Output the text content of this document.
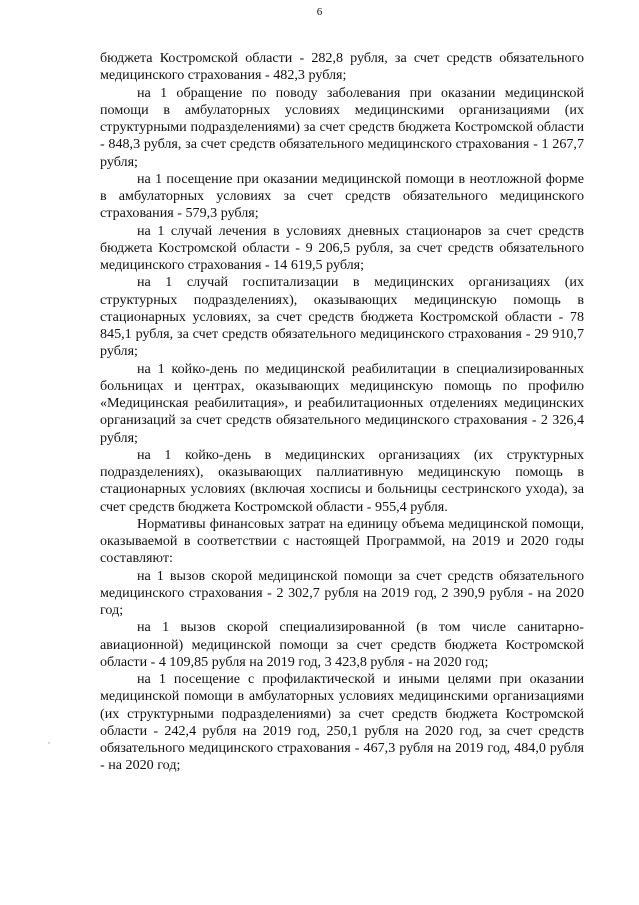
6

бюджета Костромской области - 282,8 рубля, за счет средств обязательного медицинского страхования - 482,3 рубля;

на 1 обращение по поводу заболевания при оказании медицинской помощи в амбулаторных условиях медицинскими организациями (их структурными подразделениями) за счет средств бюджета Костромской области - 848,3 рубля, за счет средств обязательного медицинского страхования - 1 267,7 рубля;

на 1 посещение при оказании медицинской помощи в неотложной форме в амбулаторных условиях за счет средств обязательного медицинского страхования - 579,3 рубля;

на 1 случай лечения в условиях дневных стационаров за счет средств бюджета Костромской области - 9 206,5 рубля, за счет средств обязательного медицинского страхования - 14 619,5 рубля;

на 1 случай госпитализации в медицинских организациях (их структурных подразделениях), оказывающих медицинскую помощь в стационарных условиях, за счет средств бюджета Костромской области - 78 845,1 рубля, за счет средств обязательного медицинского страхования - 29 910,7 рубля;

на 1 койко-день по медицинской реабилитации в специализированных больницах и центрах, оказывающих медицинскую помощь по профилю «Медицинская реабилитация», и реабилитационных отделениях медицинских организаций за счет средств обязательного медицинского страхования - 2 326,4 рубля;

на 1 койко-день в медицинских организациях (их структурных подразделениях), оказывающих паллиативную медицинскую помощь в стационарных условиях (включая хосписы и больницы сестринского ухода), за счет средств бюджета Костромской области - 955,4 рубля.

Нормативы финансовых затрат на единицу объема медицинской помощи, оказываемой в соответствии с настоящей Программой, на 2019 и 2020 годы составляют:

на 1 вызов скорой медицинской помощи за счет средств обязательного медицинского страхования - 2 302,7 рубля на 2019 год, 2 390,9 рубля - на 2020 год;

на 1 вызов скорой специализированной (в том числе санитарно-авиационной) медицинской помощи за счет средств бюджета Костромской области - 4 109,85 рубля на 2019 год, 3 423,8 рубля - на 2020 год;

на 1 посещение с профилактической и иными целями при оказании медицинской помощи в амбулаторных условиях медицинскими организациями (их структурными подразделениями) за счет средств бюджета Костромской области - 242,4 рубля на 2019 год, 250,1 рубля на 2020 год, за счет средств обязательного медицинского страхования - 467,3 рубля на 2019 год, 484,0 рубля - на 2020 год;
